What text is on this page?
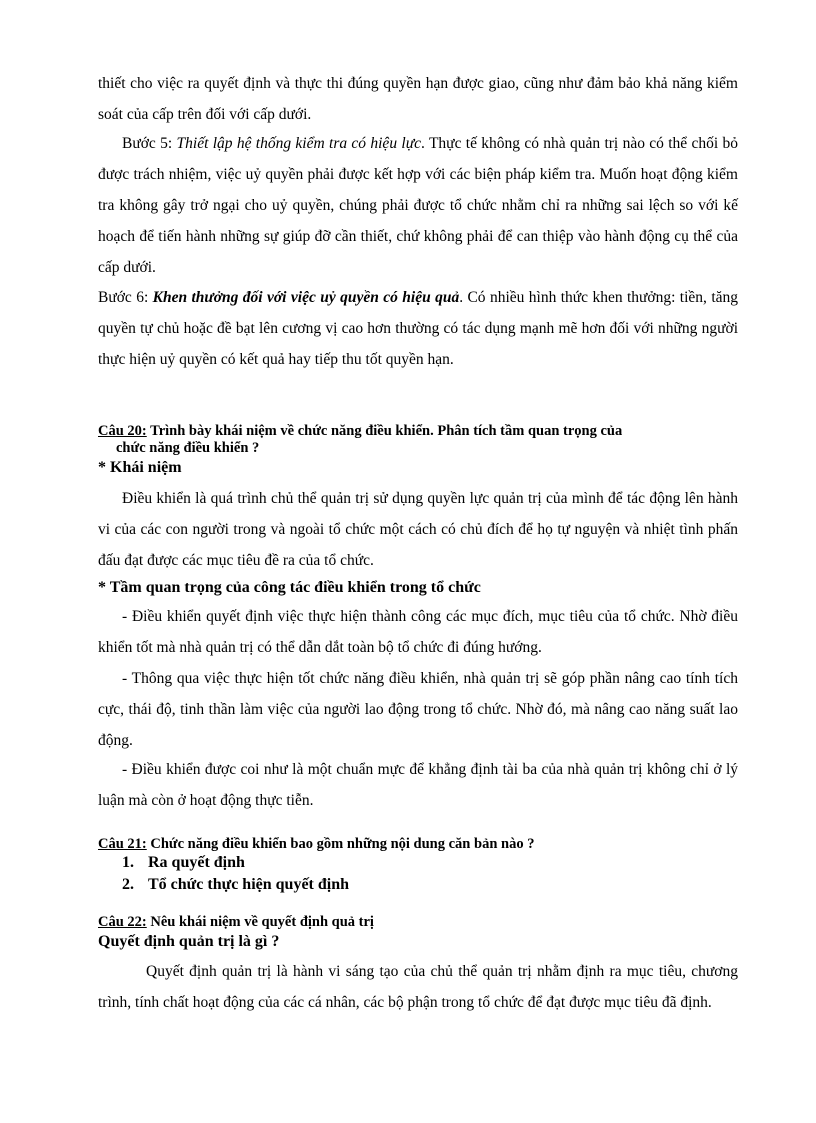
thiết cho việc ra quyết định và thực thi đúng quyền hạn được giao, cũng như đảm bảo khả năng kiểm soát của cấp trên đối với cấp dưới.

Bước 5: Thiết lập hệ thống kiểm tra có hiệu lực. Thực tế không có nhà quản trị nào có thể chối bỏ được trách nhiệm, việc uỷ quyền phải được kết hợp với các biện pháp kiểm tra. Muốn hoạt động kiểm tra không gây trở ngại cho uỷ quyền, chúng phải được tổ chức nhằm chỉ ra những sai lệch so với kế hoạch để tiến hành những sự giúp đỡ cần thiết, chứ không phải để can thiệp vào hành động cụ thể của cấp dưới.

Bước 6: Khen thưởng đối với việc uỷ quyền có hiệu quả. Có nhiều hình thức khen thưởng: tiền, tăng quyền tự chủ hoặc đề bạt lên cương vị cao hơn thường có tác dụng mạnh mẽ hơn đối với những người thực hiện uỷ quyền có kết quả hay tiếp thu tốt quyền hạn.

Câu 20: Trình bày khái niệm về chức năng điều khiển. Phân tích tầm quan trọng của
chức năng điều khiển ?
* Khái niệm

Điều khiển là quá trình chủ thể quản trị sử dụng quyền lực quản trị của mình để tác động lên hành vi của các con người trong và ngoài tổ chức một cách có chủ đích để họ tự nguyện và nhiệt tình phấn đấu đạt được các mục tiêu đề ra của tổ chức.

* Tầm quan trọng của công tác điều khiển trong tổ chức

- Điều khiển quyết định việc thực hiện thành công các mục đích, mục tiêu của tổ chức. Nhờ điều khiển tốt mà nhà quản trị có thể dẫn dắt toàn bộ tổ chức đi đúng hướng.

- Thông qua việc thực hiện tốt chức năng điều khiển, nhà quản trị sẽ góp phần nâng cao tính tích cực, thái độ, tinh thần làm việc của người lao động trong tổ chức. Nhờ đó, mà nâng cao năng suất lao động.

- Điều khiển được coi như là một chuẩn mực để khẳng định tài ba của nhà quản trị không chỉ ở lý luận mà còn ở hoạt động thực tiễn.

Câu 21: Chức năng điều khiển bao gồm những nội dung căn bản nào ?
1. Ra quyết định
2. Tổ chức thực hiện quyết định
Câu 22: Nêu khái niệm về quyết định quả trị
Quyết định quản trị là gì ?

Quyết định quản trị là hành vi sáng tạo của chủ thể quản trị nhằm định ra mục tiêu, chương trình, tính chất hoạt động của các cá nhân, các bộ phận trong tổ chức để đạt được mục tiêu đã định.
